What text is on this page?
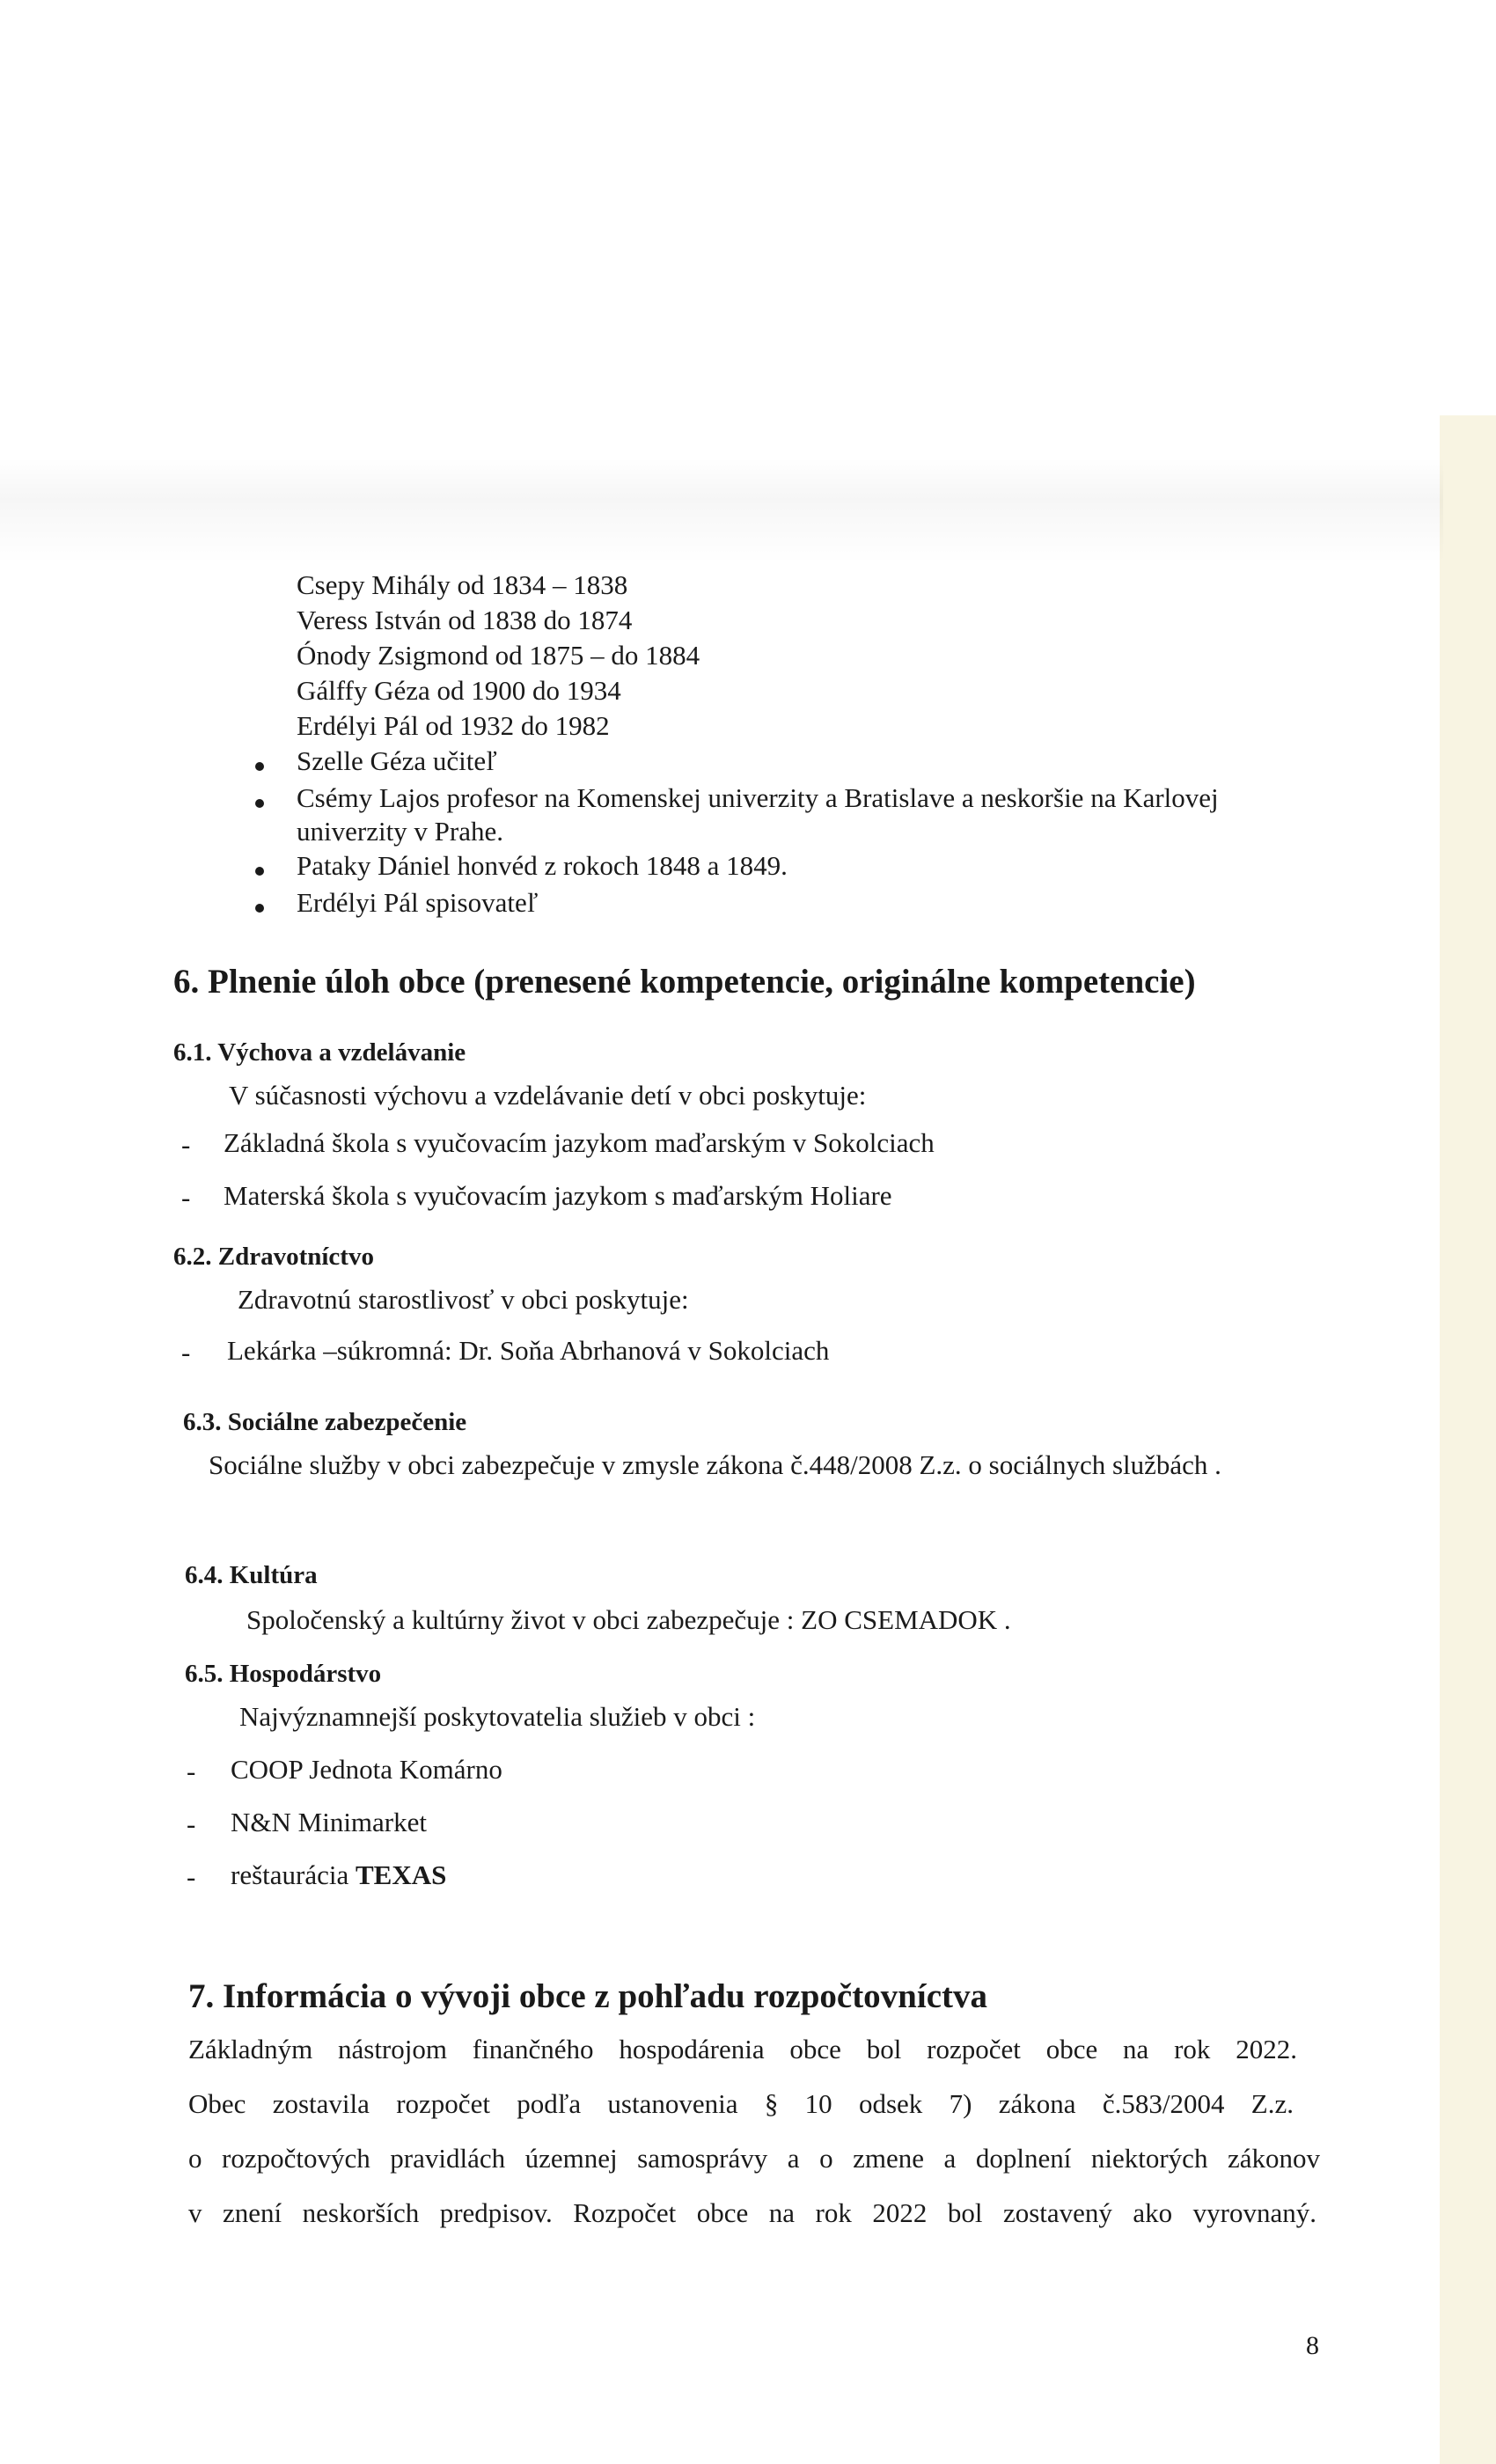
Csepy Mihály od 1834 – 1838
Veress István od 1838 do 1874
Ónody Zsigmond od 1875 – do 1884
Gálffy Géza od 1900 do 1934
Erdélyi Pál od 1932 do 1982
Szelle Géza učiteľ
Csémy Lajos profesor na Komenskej univerzity a Bratislave a neskoršie na Karlovej
univerzity v Prahe.
Pataky Dániel honvéd z rokoch 1848 a 1849.
Erdélyi Pál spisovateľ
6. Plnenie úloh obce (prenesené kompetencie, originálne kompetencie)
6.1. Výchova a vzdelávanie
V súčasnosti výchovu a vzdelávanie detí v obci poskytuje:
- Základná škola s vyučovacím jazykom maďarským v Sokolciach
- Materská škola s vyučovacím jazykom s maďarským Holiare
6.2. Zdravotníctvo
Zdravotnú starostlivosť v obci poskytuje:
- Lekárka –súkromná: Dr. Soňa Abrhanová v Sokolciach
6.3. Sociálne zabezpečenie
Sociálne služby v obci zabezpečuje v zmysle zákona č.448/2008 Z.z. o sociálnych službách .
6.4. Kultúra
Spoločenský a kultúrny život v obci zabezpečuje : ZO CSEMADOK .
6.5. Hospodárstvo
Najvýznamnejší poskytovatelia služieb v obci :
- COOP Jednota Komárno
- N&N Minimarket
- reštaurácia TEXAS
7. Informácia o vývoji obce z pohľadu rozpočtovníctva
Základným nástrojom finančného hospodárenia obce bol rozpočet obce na rok 2022.
Obec zostavila rozpočet podľa ustanovenia § 10 odsek 7) zákona č.583/2004 Z.z.
o rozpočtových pravidlách územnej samosprávy a o zmene a doplnení niektorých zákonov
v znení neskorších predpisov. Rozpočet obce na rok 2022 bol zostavený ako vyrovnaný.
8
